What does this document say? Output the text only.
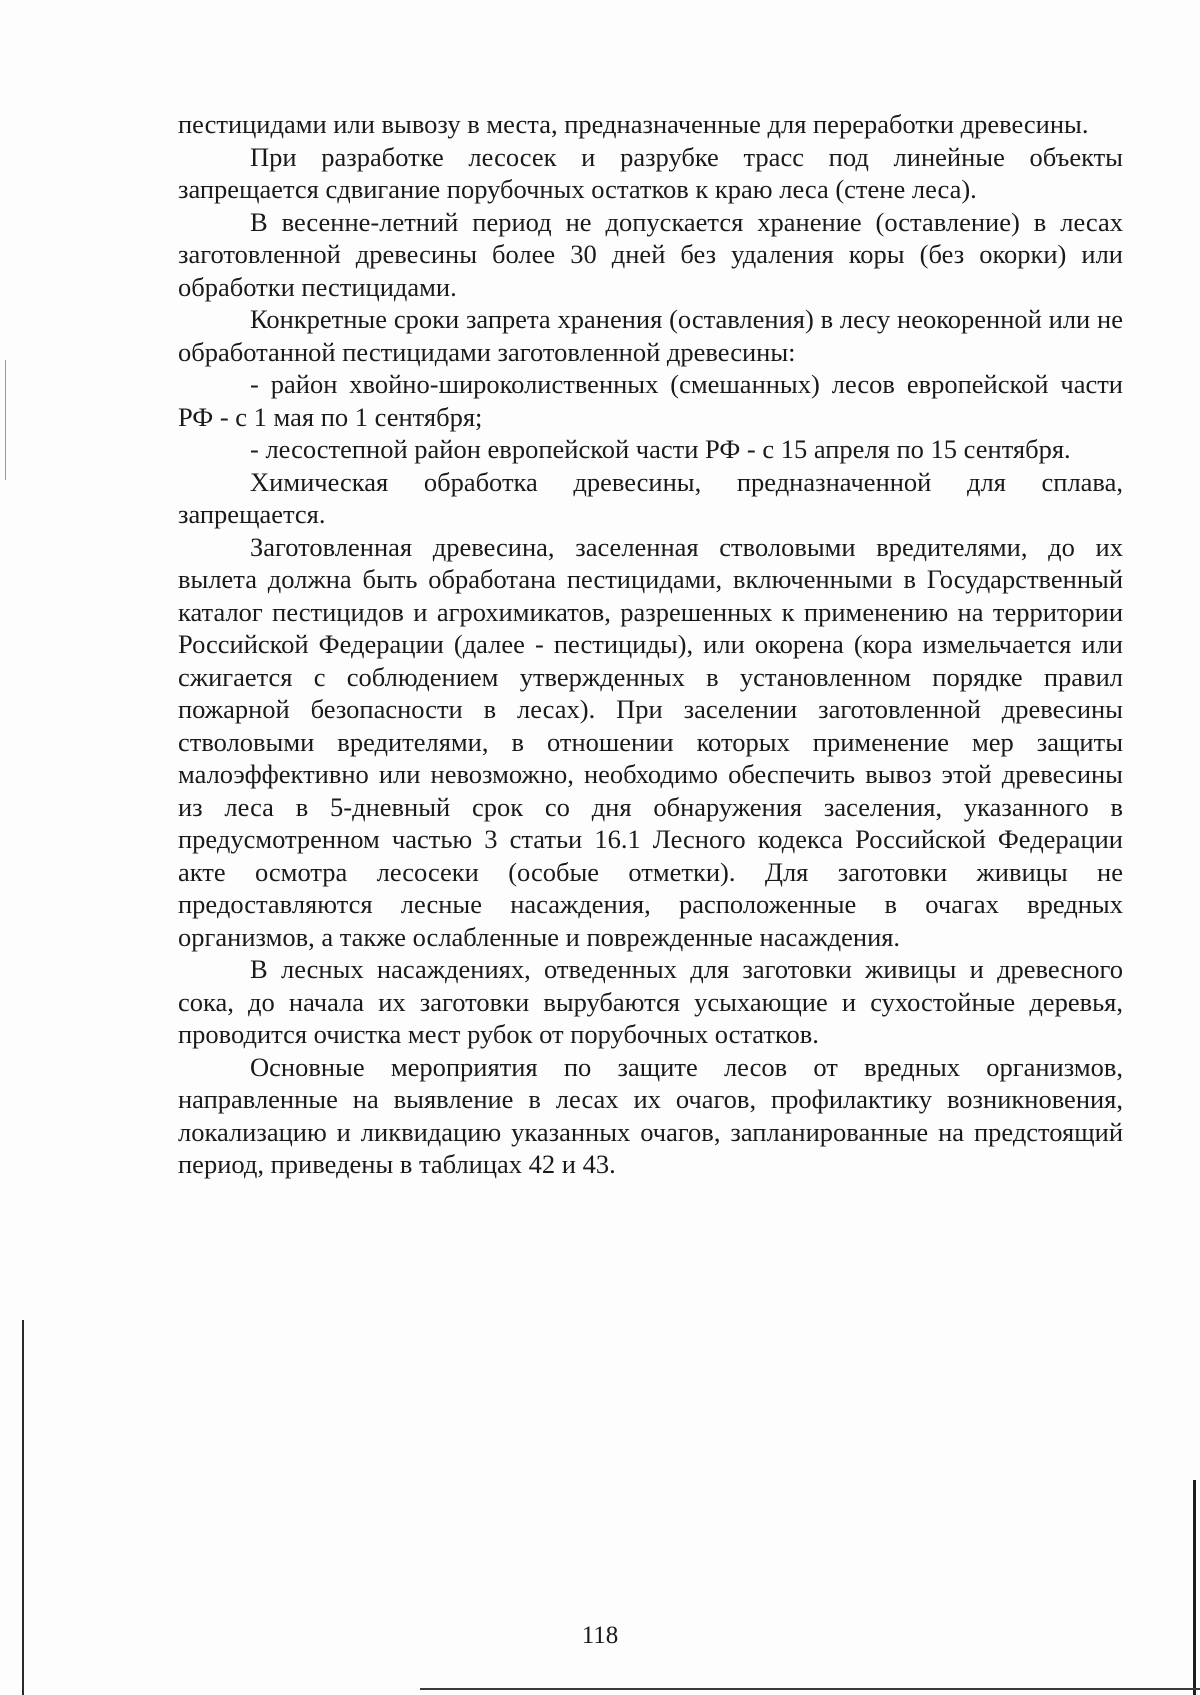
пестицидами или вывозу в места, предназначенные для переработки древесины.

При разработке лесосек и разрубке трасс под линейные объекты запрещается сдвигание порубочных остатков к краю леса (стене леса).

В весенне-летний период не допускается хранение (оставление) в лесах заготовленной древесины более 30 дней без удаления коры (без окорки) или обработки пестицидами.

Конкретные сроки запрета хранения (оставления) в лесу неокоренной или не обработанной пестицидами заготовленной древесины:

- район хвойно-широколиственных (смешанных) лесов европейской части РФ - с 1 мая по 1 сентября;

- лесостепной район европейской части РФ - с 15 апреля по 15 сентября.

Химическая обработка древесины, предназначенной для сплава, запрещается.

Заготовленная древесина, заселенная стволовыми вредителями, до их вылета должна быть обработана пестицидами, включенными в Государственный каталог пестицидов и агрохимикатов, разрешенных к применению на территории Российской Федерации (далее - пестициды), или окорена (кора измельчается или сжигается с соблюдением утвержденных в установленном порядке правил пожарной безопасности в лесах). При заселении заготовленной древесины стволовыми вредителями, в отношении которых применение мер защиты малоэффективно или невозможно, необходимо обеспечить вывоз этой древесины из леса в 5-дневный срок со дня обнаружения заселения, указанного в предусмотренном частью 3 статьи 16.1 Лесного кодекса Российской Федерации акте осмотра лесосеки (особые отметки). Для заготовки живицы не предоставляются лесные насаждения, расположенные в очагах вредных организмов, а также ослабленные и поврежденные насаждения.

В лесных насаждениях, отведенных для заготовки живицы и древесного сока, до начала их заготовки вырубаются усыхающие и сухостойные деревья, проводится очистка мест рубок от порубочных остатков.

Основные мероприятия по защите лесов от вредных организмов, направленные на выявление в лесах их очагов, профилактику возникновения, локализацию и ликвидацию указанных очагов, запланированные на предстоящий период, приведены в таблицах 42 и 43.

118
